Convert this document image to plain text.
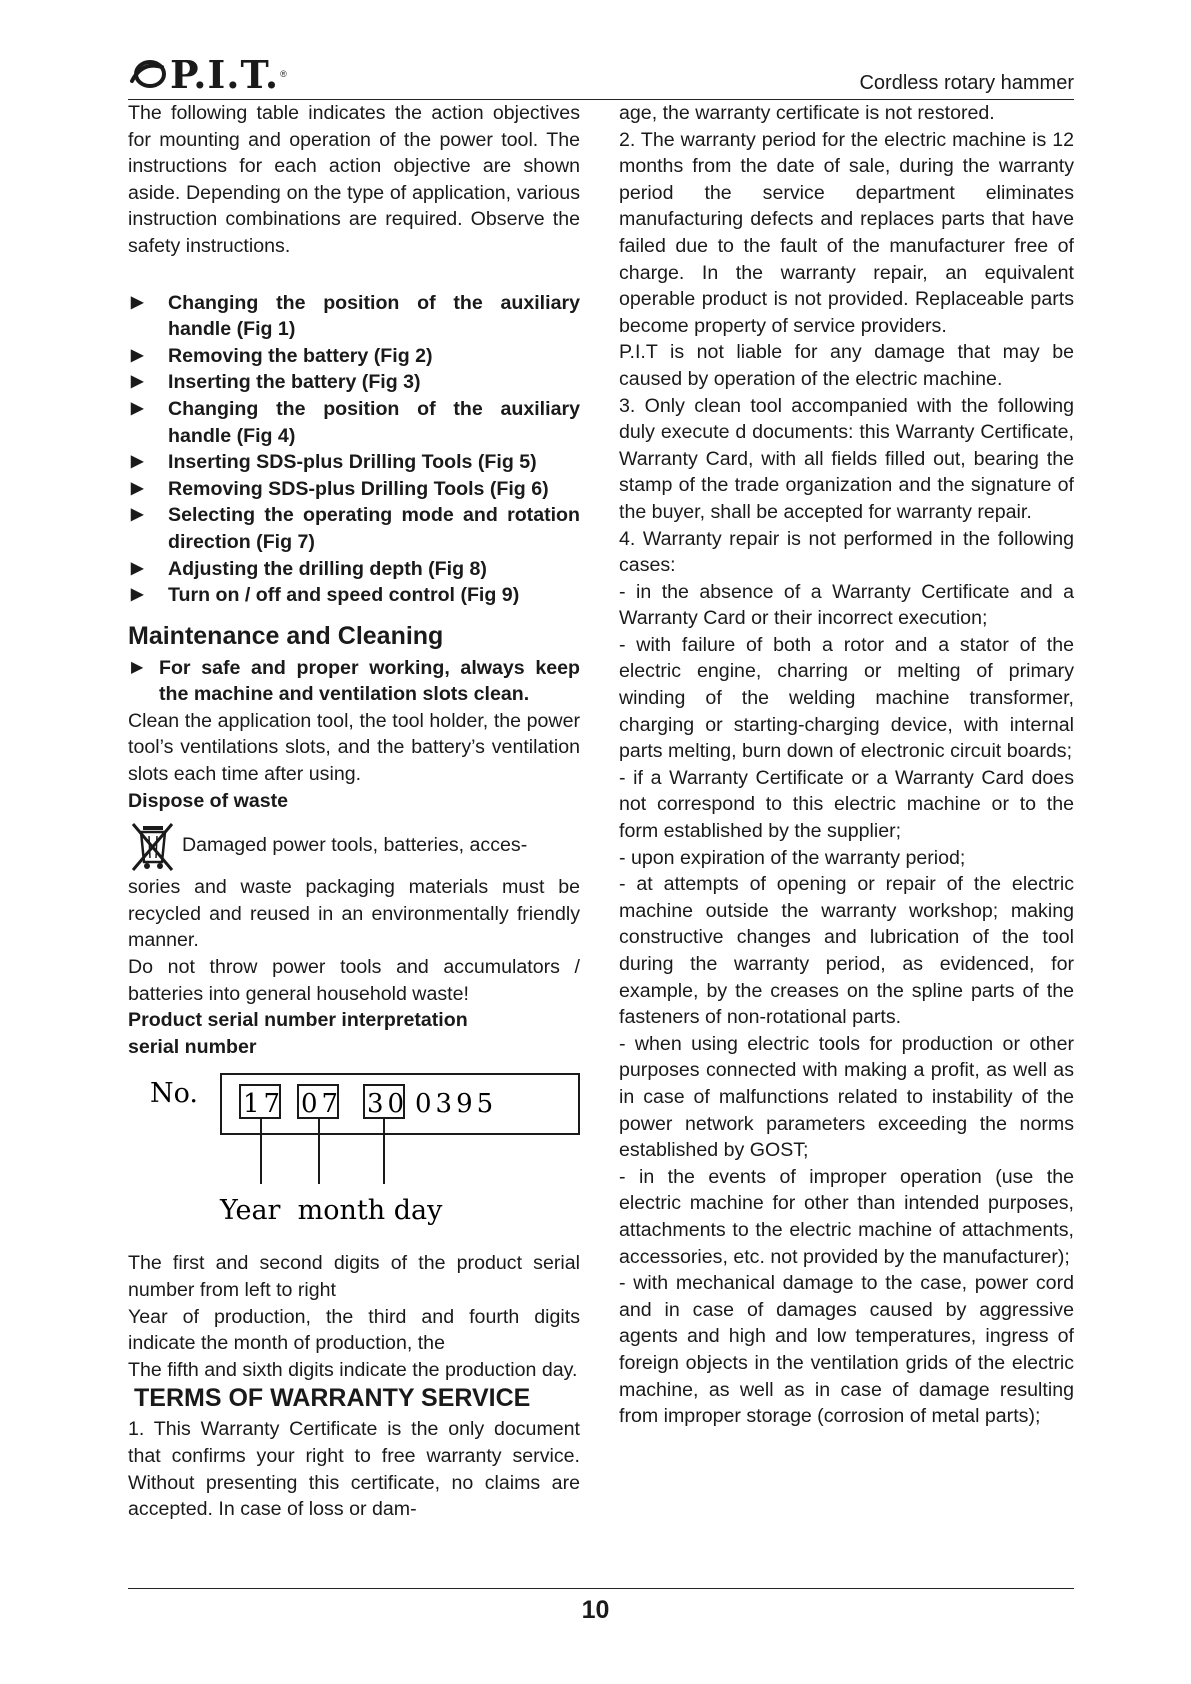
P.I.T. ®	Cordless rotary hammer

The following table indicates the action objectives for mounting and operation of the power tool. The instructions for each action objective are shown aside. Depending on the type of application, various instruction combinations are required. Observe the safety instructions.

▶ Changing the position of the auxiliary handle (Fig 1)
▶ Removing the battery (Fig 2)
▶ Inserting the battery (Fig 3)
▶ Changing the position of the auxiliary handle (Fig 4)
▶ Inserting SDS-plus Drilling Tools (Fig 5)
▶ Removing SDS-plus Drilling Tools (Fig 6)
▶ Selecting the operating mode and rotation direction (Fig 7)
▶ Adjusting the drilling depth (Fig 8)
▶ Turn on / off and speed control (Fig 9)
Maintenance and Cleaning
▶ For safe and proper working, always keep the machine and ventilation slots clean.

Clean the application tool, the tool holder, the power tool’s ventilations slots, and the battery’s ventilation slots each time after using.

Dispose of waste
Damaged power tools, batteries, acces-

sories and waste packaging materials must be recycled and reused in an environmentally friendly manner.

Do not throw power tools and accumulators / batteries into general household waste!

Product serial number interpretation
serial number
No. 17 07 30 0395
Year  month day

The first and second digits of the product serial number from left to right

Year of production, the third and fourth digits indicate the month of production, the

The fifth and sixth digits indicate the production day.

TERMS OF WARRANTY SERVICE

1. This Warranty Certificate is the only document that confirms your right to free warranty service. Without presenting this certificate, no claims are accepted. In case of loss or dam-

age, the warranty certificate is not restored.

2. The warranty period for the electric machine is 12 months from the date of sale, during the warranty period the service department eliminates manufacturing defects and replaces parts that have failed due to the fault of the manufacturer free of charge. In the warranty repair, an equivalent operable product is not provided. Replaceable parts become property of service providers.

P.I.T is not liable for any damage that may be caused by operation of the electric machine.

3. Only clean tool accompanied with the following duly execute d documents: this Warranty Certificate, Warranty Card, with all fields filled out, bearing the stamp of the trade organization and the signature of the buyer, shall be accepted for warranty repair.

4. Warranty repair is not performed in the following cases:

- in the absence of a Warranty Certificate and a Warranty Card or their incorrect execution;

- with failure of both a rotor and a stator of the electric engine, charring or melting of primary winding of the welding machine transformer, charging or starting-charging device, with internal parts melting, burn down of electronic circuit boards;

- if a Warranty Certificate or a Warranty Card does not correspond to this electric machine or to the form established by the supplier;

- upon expiration of the warranty period;

- at attempts of opening or repair of the electric machine outside the warranty workshop; making constructive changes and lubrication of the tool during the warranty period, as evidenced, for example, by the creases on the spline parts of the fasteners of non-rotational parts.

- when using electric tools for production or other purposes connected with making a profit, as well as in case of malfunctions related to instability of the power network parameters exceeding the norms established by GOST;

- in the events of improper operation (use the electric machine for other than intended purposes, attachments to the electric machine of attachments, accessories, etc. not provided by the manufacturer);

- with mechanical damage to the case, power cord and in case of damages caused by aggressive agents and high and low temperatures, ingress of foreign objects in the ventilation grids of the electric machine, as well as in case of damage resulting from improper storage (corrosion of metal parts);

10
